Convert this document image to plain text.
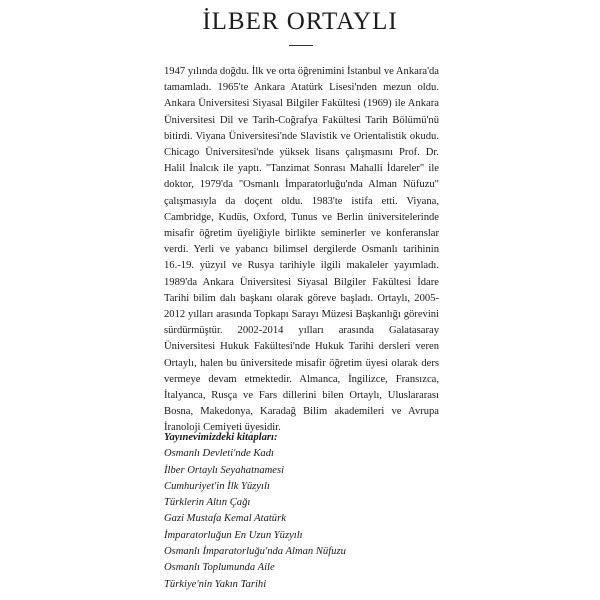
İLBER ORTAYLI

1947 yılında doğdu. İlk ve orta öğrenimini İstanbul ve Ankara'da tamamladı. 1965'te Ankara Atatürk Lisesi'nden mezun oldu. Ankara Üniversitesi Siyasal Bilgiler Fakültesi (1969) ile Ankara Üniversitesi Dil ve Tarih-Coğrafya Fakültesi Tarih Bölümü'nü bitirdi. Viyana Üniversitesi'nde Slavistik ve Orientalistik okudu. Chicago Üniversitesi'nde yüksek lisans çalışmasını Prof. Dr. Halil İnalcık ile yaptı. "Tanzimat Sonrası Mahalli İdareler" ile doktor, 1979'da "Osmanlı İmparatorluğu'nda Alman Nüfuzu" çalışmasıyla da doçent oldu. 1983'te istifa etti. Viyana, Cambridge, Kudüs, Oxford, Tunus ve Berlin üniversitelerinde misafir öğretim üyeliğiyle birlikte seminerler ve konferanslar verdi. Yerli ve yabancı bilimsel dergilerde Osmanlı tarihinin 16.-19. yüzyıl ve Rusya tarihiyle ilgili makaleler yayımladı. 1989'da Ankara Üniversitesi Siyasal Bilgiler Fakültesi İdare Tarihi bilim dalı başkanı olarak göreve başladı. Ortaylı, 2005-2012 yılları arasında Topkapı Sarayı Müzesi Başkanlığı görevini sürdürmüştür. 2002-2014 yılları arasında Galatasaray Üniversitesi Hukuk Fakültesi'nde Hukuk Tarihi dersleri veren Ortaylı, halen bu üniversitede misafir öğretim üyesi olarak ders vermeye devam etmektedir. Almanca, İngilizce, Fransızca, İtalyanca, Rusça ve Fars dillerini bilen Ortaylı, Uluslararası Bosna, Makedonya, Karadağ Bilim akademileri ve Avrupa İranoloji Cemiyeti üyesidir.

Yayınevimizdeki kitapları:

Osmanlı Devleti'nde Kadı
İlber Ortaylı Seyahatnamesi
Cumhuriyet'in İlk Yüzyılı
Türklerin Altın Çağı
Gazi Mustafa Kemal Atatürk
İmparatorluğun En Uzun Yüzyılı
Osmanlı İmparatorluğu'nda Alman Nüfuzu
Osmanlı Toplumunda Aile
Türkiye'nin Yakın Tarihi
